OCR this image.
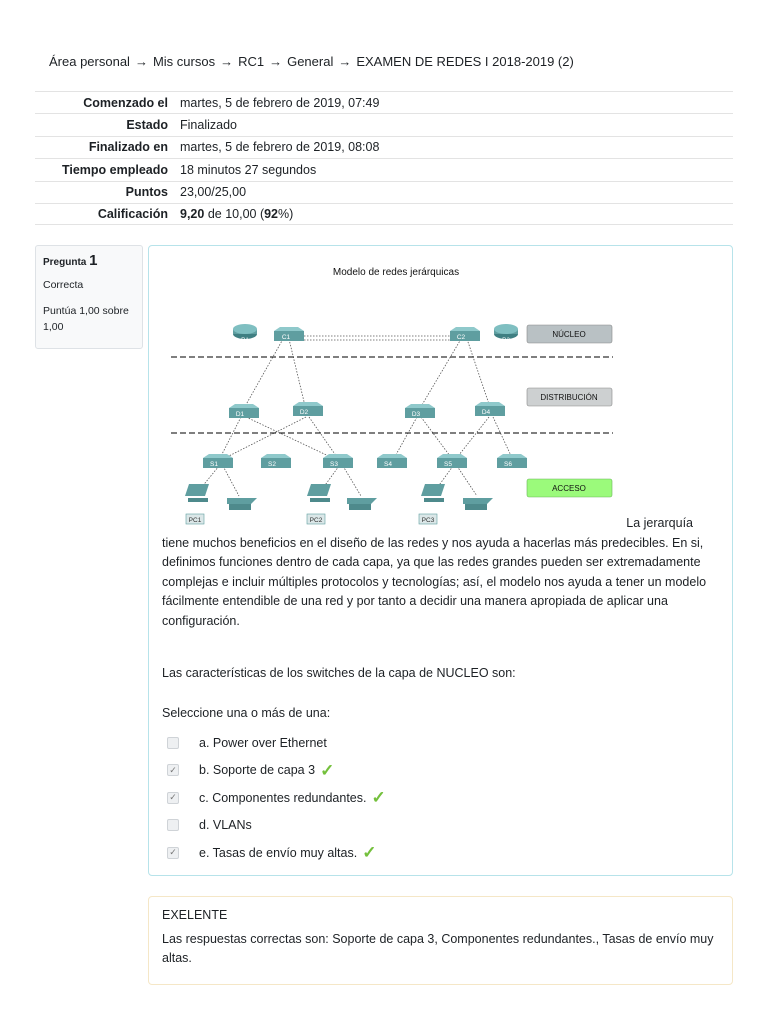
Área personal → Mis cursos → RC1 → General → EXAMEN DE REDES I 2018-2019 (2)
Comenzado el martes, 5 de febrero de 2019, 07:49
Estado Finalizado
Finalizado en martes, 5 de febrero de 2019, 08:08
Tiempo empleado 18 minutos 27 segundos
Puntos 23,00/25,00
Calificación 9,20 de 10,00 (92%)
Pregunta 1
Correcta
Puntúa 1,00 sobre 1,00
Modelo de redes jerárquicas
R1	R2
C1	C2
D1	D2	D3	D4
S1	S2	S3	S4	S5	S6
PC1	PC2	PC3
NÚCLEO
DISTRIBUCIÓN
ACCESO
La jerarquía
tiene muchos beneficios en el diseño de las redes y nos ayuda a hacerlas más predecibles. En si, definimos funciones dentro de cada capa, ya que las redes grandes pueden ser extremadamente complejas e incluir múltiples protocolos y tecnologías; así, el modelo nos ayuda a tener un modelo fácilmente entendible de una red y por tanto a decidir una manera apropiada de aplicar una configuración.
Las características de los switches de la capa de NUCLEO son:
Seleccione una o más de una:
a. Power over Ethernet
✓ b. Soporte de capa 3 ✓
✓ c. Componentes redundantes. ✓
d. VLANs
✓ e. Tasas de envío muy altas. ✓
EXELENTE
Las respuestas correctas son: Soporte de capa 3, Componentes redundantes., Tasas de envío muy altas.
